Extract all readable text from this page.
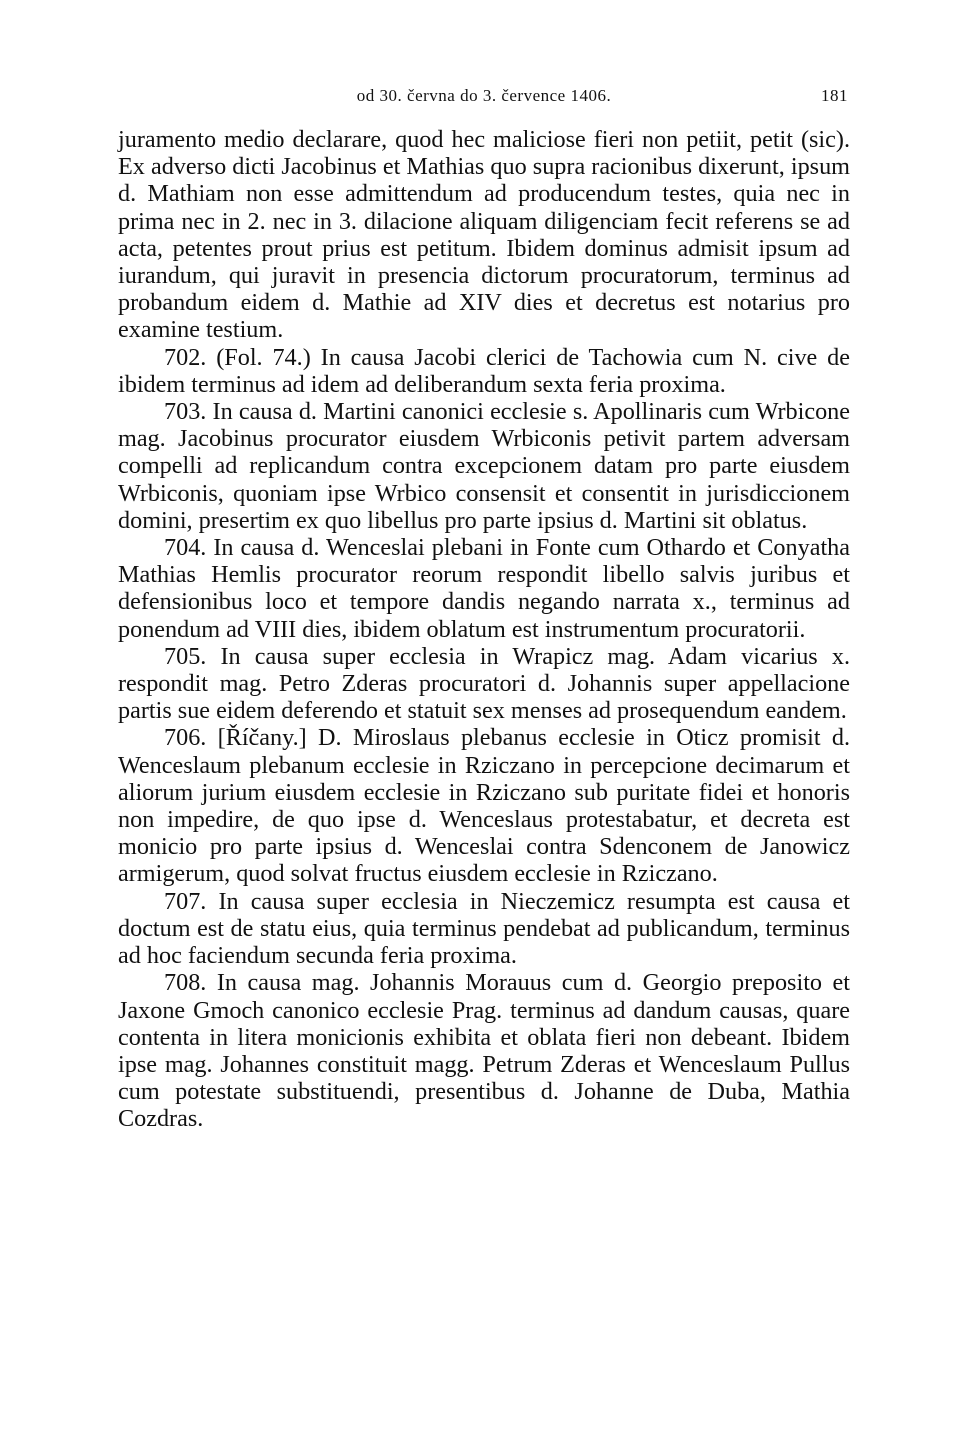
od 30. června do 3. července 1406.	181

juramento medio declarare, quod hec maliciose fieri non petiit, petit (sic). Ex adverso dicti Jacobinus et Mathias quo supra racionibus dixerunt, ipsum d. Mathiam non esse admittendum ad producendum testes, quia nec in prima nec in 2. nec in 3. dilacione aliquam diligenciam fecit referens se ad acta, petentes prout prius est petitum. Ibidem dominus admisit ipsum ad iurandum, qui juravit in presencia dictorum procuratorum, terminus ad probandum eidem d. Mathie ad XIV dies et decretus est notarius pro examine testium.

702. (Fol. 74.) In causa Jacobi clerici de Tachowia cum N. cive de ibidem terminus ad idem ad deliberandum sexta feria proxima.

703. In causa d. Martini canonici ecclesie s. Apollinaris cum Wrbicone mag. Jacobinus procurator eiusdem Wrbiconis petivit partem adversam compelli ad replicandum contra excepcionem datam pro parte eiusdem Wrbiconis, quoniam ipse Wrbico consensit et consentit in jurisdiccionem domini, presertim ex quo libellus pro parte ipsius d. Martini sit oblatus.

704. In causa d. Wenceslai plebani in Fonte cum Othardo et Conyatha Mathias Hemlis procurator reorum respondit libello salvis juribus et defensionibus loco et tempore dandis negando narrata x., terminus ad ponendum ad VIII dies, ibidem oblatum est instrumentum procuratorii.

705. In causa super ecclesia in Wrapicz mag. Adam vicarius x. respondit mag. Petro Zderas procuratori d. Johannis super appellacione partis sue eidem deferendo et statuit sex menses ad prosequendum eandem.

706. [Říčany.] D. Miroslaus plebanus ecclesie in Oticz promisit d. Wenceslaum plebanum ecclesie in Rziczano in percepcione decimarum et aliorum jurium eiusdem ecclesie in Rziczano sub puritate fidei et honoris non impedire, de quo ipse d. Wenceslaus protestabatur, et decreta est monicio pro parte ipsius d. Wenceslai contra Sdenconem de Janowicz armigerum, quod solvat fructus eiusdem ecclesie in Rziczano.

707. In causa super ecclesia in Nieczemicz resumpta est causa et doctum est de statu eius, quia terminus pendebat ad publicandum, terminus ad hoc faciendum secunda feria proxima.

708. In causa mag. Johannis Morauus cum d. Georgio preposito et Jaxone Gmoch canonico ecclesie Prag. terminus ad dandum causas, quare contenta in litera monicionis exhibita et oblata fieri non debeant. Ibidem ipse mag. Johannes constituit magg. Petrum Zderas et Wenceslaum Pullus cum potestate substituendi, presentibus d. Johanne de Duba, Mathia Cozdras.
